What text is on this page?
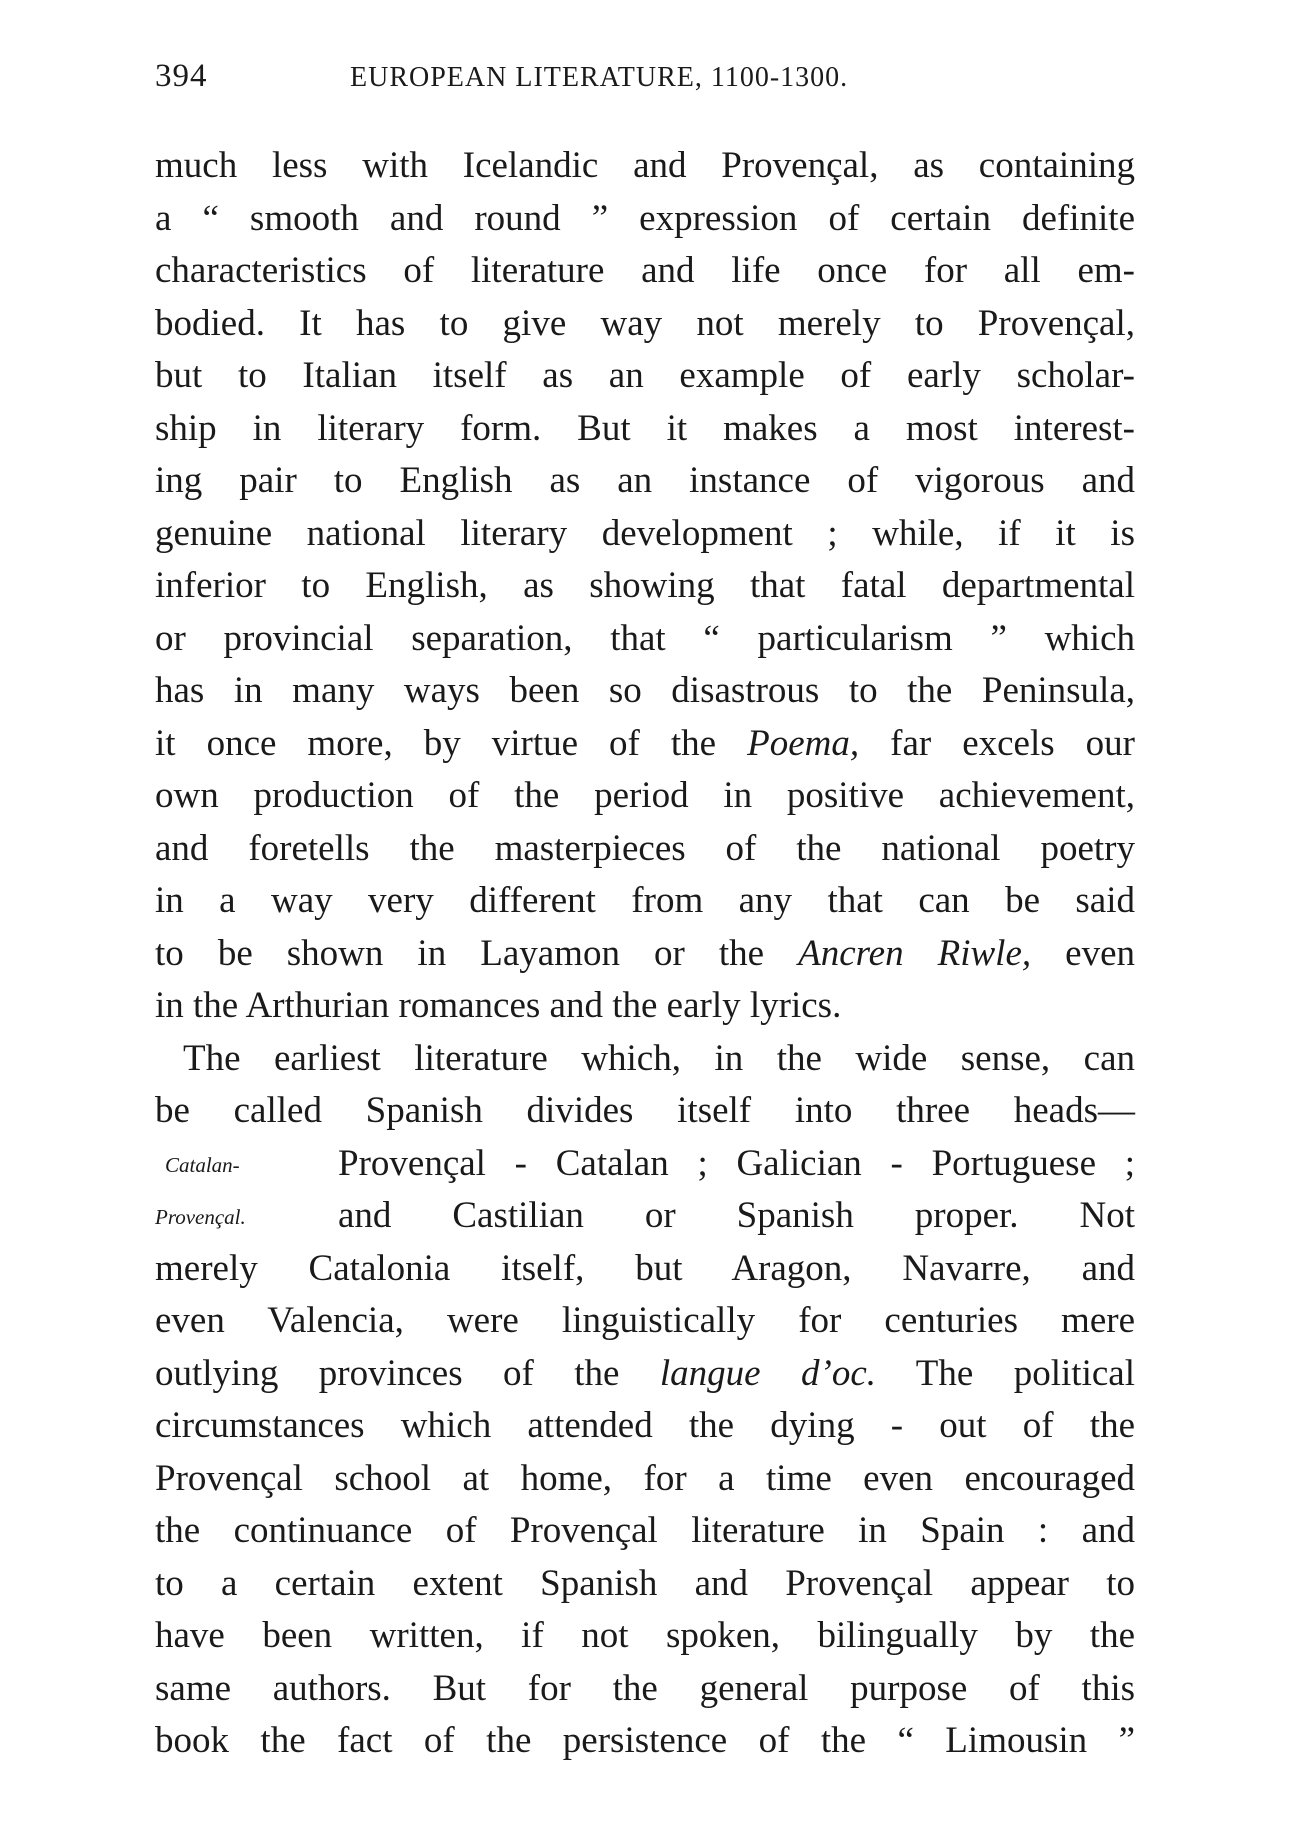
394	EUROPEAN LITERATURE, 1100-1300.
much less with Icelandic and Provençal, as containing
a “ smooth and round ” expression of certain definite
characteristics of literature and life once for all em-
bodied. It has to give way not merely to Provençal,
but to Italian itself as an example of early scholar-
ship in literary form. But it makes a most interest-
ing pair to English as an instance of vigorous and
genuine national literary development ; while, if it is
inferior to English, as showing that fatal departmental
or provincial separation, that “ particularism ” which
has in many ways been so disastrous to the Peninsula,
it once more, by virtue of the Poema, far excels our
own production of the period in positive achievement,
and foretells the masterpieces of the national poetry
in a way very different from any that can be said
to be shown in Layamon or the Ancren Riwle, even
in the Arthurian romances and the early lyrics.
The earliest literature which, in the wide sense, can
be called Spanish divides itself into three heads—
Catalan-
Provençal.
Provençal - Catalan ; Galician - Portuguese ;
and Castilian or Spanish proper. Not
merely Catalonia itself, but Aragon, Navarre, and
even Valencia, were linguistically for centuries mere
outlying provinces of the langue d’oc. The political
circumstances which attended the dying - out of the
Provençal school at home, for a time even encouraged
the continuance of Provençal literature in Spain : and
to a certain extent Spanish and Provençal appear to
have been written, if not spoken, bilingually by the
same authors. But for the general purpose of this
book the fact of the persistence of the “ Limousin ”
